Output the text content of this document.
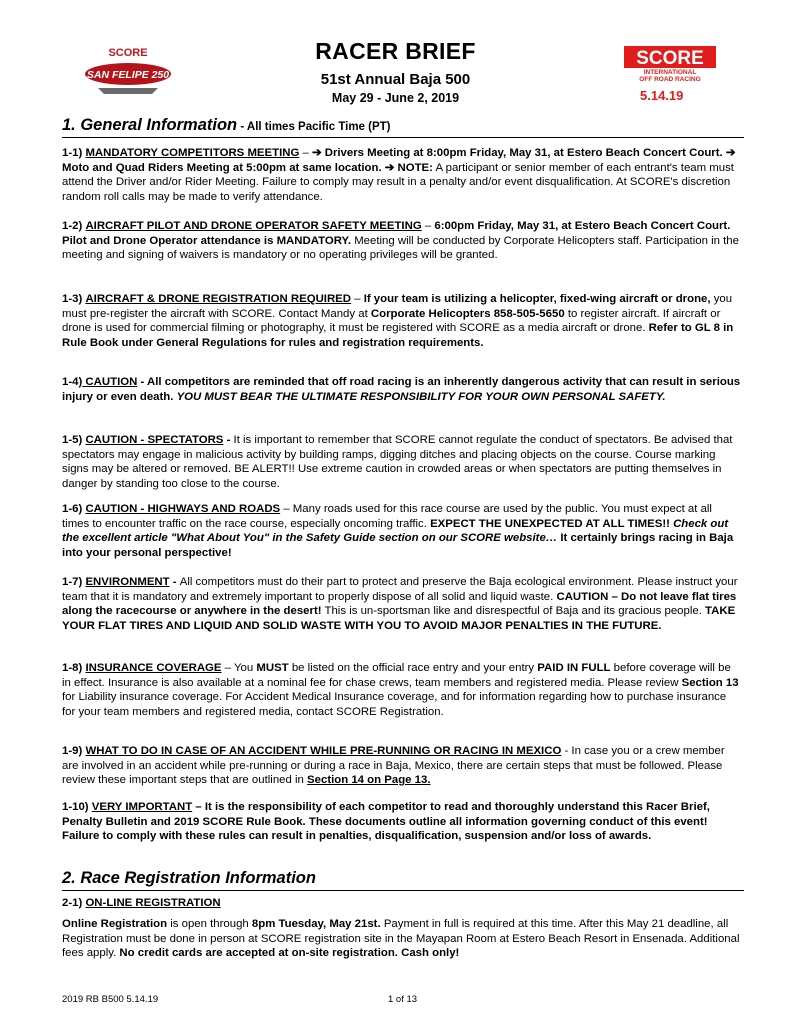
SCORE
SAN FELIPE 250
RACER BRIEF
51st Annual Baja 500
May 29 - June 2, 2019
SCORE
INTERNATIONAL
OFF ROAD RACING
5.14.19
1. General Information - All times Pacific Time (PT)
1-1) MANDATORY COMPETITORS MEETING – ➔ Drivers Meeting at 8:00pm Friday, May 31, at Estero Beach Concert Court. ➔ Moto and Quad Riders Meeting at 5:00pm at same location. ➔ NOTE: A participant or senior member of each entrant's team must attend the Driver and/or Rider Meeting. Failure to comply may result in a penalty and/or event disqualification. At SCORE's discretion random roll calls may be made to verify attendance.
1-2) AIRCRAFT PILOT AND DRONE OPERATOR SAFETY MEETING – 6:00pm Friday, May 31, at Estero Beach Concert Court. Pilot and Drone Operator attendance is MANDATORY. Meeting will be conducted by Corporate Helicopters staff. Participation in the meeting and signing of waivers is mandatory or no operating privileges will be granted.
1-3) AIRCRAFT & DRONE REGISTRATION REQUIRED – If your team is utilizing a helicopter, fixed-wing aircraft or drone, you must pre-register the aircraft with SCORE. Contact Mandy at Corporate Helicopters 858-505-5650 to register aircraft. If aircraft or drone is used for commercial filming or photography, it must be registered with SCORE as a media aircraft or drone. Refer to GL 8 in Rule Book under General Regulations for rules and registration requirements.
1-4) CAUTION - All competitors are reminded that off road racing is an inherently dangerous activity that can result in serious injury or even death. YOU MUST BEAR THE ULTIMATE RESPONSIBILITY FOR YOUR OWN PERSONAL SAFETY.
1-5) CAUTION - SPECTATORS - It is important to remember that SCORE cannot regulate the conduct of spectators. Be advised that spectators may engage in malicious activity by building ramps, digging ditches and placing objects on the course. Course marking signs may be altered or removed. BE ALERT!! Use extreme caution in crowded areas or when spectators are putting themselves in danger by standing too close to the course.
1-6) CAUTION - HIGHWAYS AND ROADS – Many roads used for this race course are used by the public. You must expect at all times to encounter traffic on the race course, especially oncoming traffic. EXPECT THE UNEXPECTED AT ALL TIMES!! Check out the excellent article "What About You" in the Safety Guide section on our SCORE website… It certainly brings racing in Baja into your personal perspective!
1-7) ENVIRONMENT - All competitors must do their part to protect and preserve the Baja ecological environment. Please instruct your team that it is mandatory and extremely important to properly dispose of all solid and liquid waste. CAUTION – Do not leave flat tires along the racecourse or anywhere in the desert! This is un-sportsman like and disrespectful of Baja and its gracious people. TAKE YOUR FLAT TIRES AND LIQUID AND SOLID WASTE WITH YOU TO AVOID MAJOR PENALTIES IN THE FUTURE.
1-8) INSURANCE COVERAGE – You MUST be listed on the official race entry and your entry PAID IN FULL before coverage will be in effect. Insurance is also available at a nominal fee for chase crews, team members and registered media. Please review Section 13 for Liability insurance coverage. For Accident Medical Insurance coverage, and for information regarding how to purchase insurance for your team members and registered media, contact SCORE Registration.
1-9) WHAT TO DO IN CASE OF AN ACCIDENT WHILE PRE-RUNNING OR RACING IN MEXICO - In case you or a crew member are involved in an accident while pre-running or during a race in Baja, Mexico, there are certain steps that must be followed. Please review these important steps that are outlined in Section 14 on Page 13.
1-10) VERY IMPORTANT – It is the responsibility of each competitor to read and thoroughly understand this Racer Brief, Penalty Bulletin and 2019 SCORE Rule Book. These documents outline all information governing conduct of this event! Failure to comply with these rules can result in penalties, disqualification, suspension and/or loss of awards.
2. Race Registration Information
2-1) ON-LINE REGISTRATION
Online Registration is open through 8pm Tuesday, May 21st. Payment in full is required at this time. After this May 21 deadline, all Registration must be done in person at SCORE registration site in the Mayapan Room at Estero Beach Resort in Ensenada. Additional fees apply. No credit cards are accepted at on-site registration. Cash only!
2019 RB B500 5.14.19	1 of 13
